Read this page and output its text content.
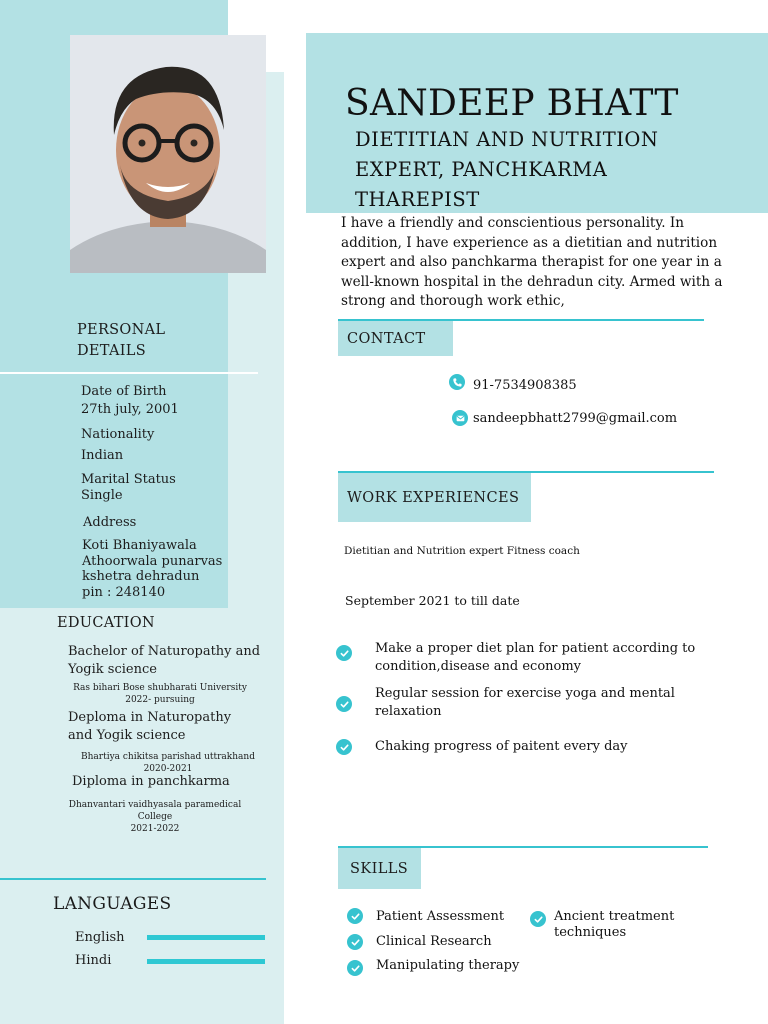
PERSONAL
DETAILS
Date of Birth
27th july, 2001
Nationality
Indian
Marital Status
Single
Address
Koti Bhaniyawala
Athoorwala punarvas
kshetra dehradun
pin : 248140
EDUCATION
Bachelor of Naturopathy and
Yogik science
Ras bihari Bose shubharati University
2022- pursuing
Deploma in Naturopathy
and Yogik science
Bhartiya chikitsa parishad uttrakhand
2020-2021
Diploma in panchkarma
Dhanvantari vaidhyasala paramedical
College
2021-2022
LANGUAGES
English
Hindi
SANDEEP BHATT
DIETITIAN AND NUTRITION
EXPERT, PANCHKARMA
THAREPIST
I have a friendly and conscientious personality. In addition, I have experience as a dietitian and nutrition expert and also panchkarma therapist for one year in a well-known hospital in the dehradun city. Armed with a strong and thorough work ethic,
CONTACT
91-7534908385
sandeepbhatt2799@gmail.com
WORK EXPERIENCES
Dietitian and Nutrition expert Fitness coach
September 2021 to till date
Make a proper diet plan for patient according to
condition,disease and economy
Regular session for exercise yoga and mental
relaxation
Chaking progress of paitent every day
SKILLS
Patient Assessment
Clinical Research
Manipulating therapy
Ancient treatment
techniques
